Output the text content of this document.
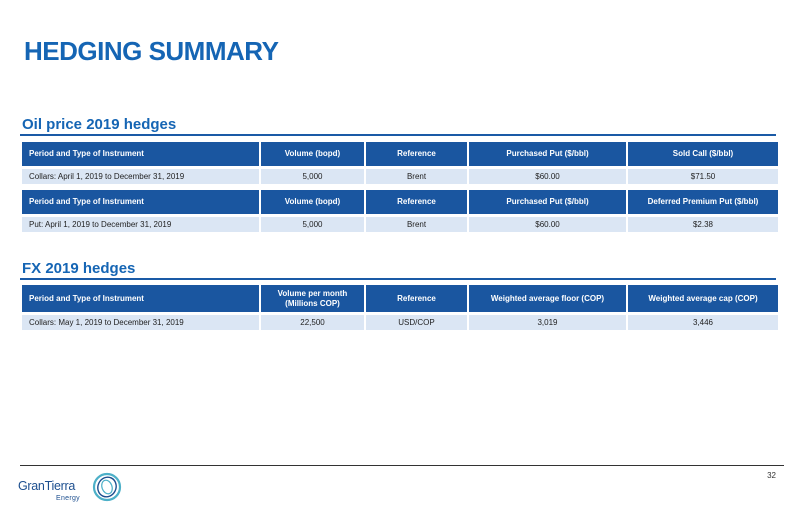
HEDGING SUMMARY
Oil price 2019 hedges
Period and Type of Instrument	Volume (bopd)	Reference	Purchased Put ($/bbl)	Sold Call ($/bbl)

Collars: April 1, 2019 to December 31, 2019	5,000	Brent	$60.00	$71.50

Period and Type of Instrument	Volume (bopd)	Reference	Purchased Put ($/bbl)	Deferred Premium Put ($/bbl)

Put: April 1, 2019 to December 31, 2019	5,000	Brent	$60.00	$2.38
FX 2019 hedges
Period and Type of Instrument	Volume per month (Millions COP)	Reference	Weighted average floor (COP)	Weighted average cap (COP)

Collars: May 1, 2019 to December 31, 2019	22,500	USD/COP	3,019	3,446
32
GranTierra
Energy
